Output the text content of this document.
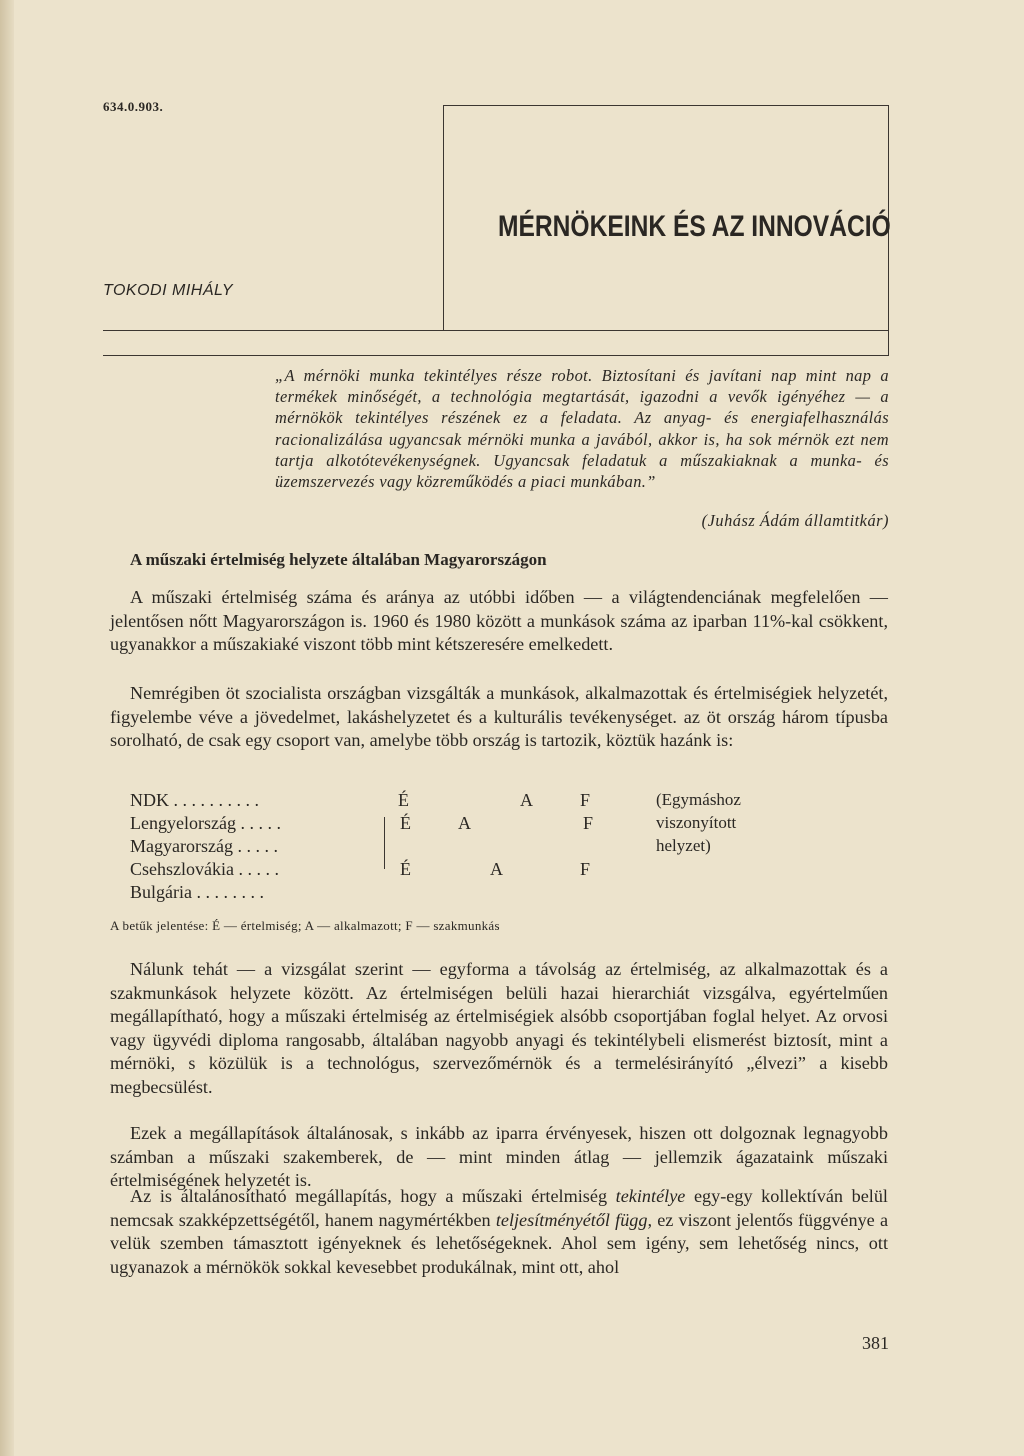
634.0.903.
MÉRNÖKEINK ÉS AZ INNOVÁCIÓ
TOKODI MIHÁLY
„A mérnöki munka tekintélyes része robot. Biztosítani és javítani nap mint nap a termékek minőségét, a technológia megtartását, igazodni a vevők igényéhez — a mérnökök tekintélyes részének ez a feladata. Az anyag- és energiafelhasználás racionalizálása ugyancsak mérnöki munka a javából, akkor is, ha sok mérnök ezt nem tartja alkotótevékenységnek. Ugyancsak feladatuk a műszakiaknak a munka- és üzemszervezés vagy közreműködés a piaci munkában.”
(Juhász Ádám államtitkár)
A műszaki értelmiség helyzete általában Magyarországon

A műszaki értelmiség száma és aránya az utóbbi időben — a világtendenciának megfelelően — jelentősen nőtt Magyarországon is. 1960 és 1980 között a munkások száma az iparban 11%-kal csökkent, ugyanakkor a műszakiaké viszont több mint kétszeresére emelkedett.

Nemrégiben öt szocialista országban vizsgálták a munkások, alkalmazottak és értelmiségiek helyzetét, figyelembe véve a jövedelmet, lakáshelyzetet és a kulturális tevékenységet. az öt ország három típusba sorolható, de csak egy csoport van, amelybe több ország is tartozik, köztük hazánk is:

NDK . . . . . . . . . .	É	A	F
Lengyelország . . . . .	É	A	F
Magyarország . . . . .
Csehszlovákia . . . . .	É	A	F
Bulgária . . . . . . . .
(Egymáshoz
viszonyított
helyzet)
A betűk jelentése: É — értelmiség; A — alkalmazott; F — szakmunkás

Nálunk tehát — a vizsgálat szerint — egyforma a távolság az értelmiség, az alkalmazottak és a szakmunkások helyzete között. Az értelmiségen belüli hazai hierarchiát vizsgálva, egyértelműen megállapítható, hogy a műszaki értelmiség az értelmiségiek alsóbb csoportjában foglal helyet. Az orvosi vagy ügyvédi diploma rangosabb, általában nagyobb anyagi és tekintélybeli elismerést biztosít, mint a mérnöki, s közülük is a technológus, szervezőmérnök és a termelésirányító „élvezi” a kisebb megbecsülést.

Ezek a megállapítások általánosak, s inkább az iparra érvényesek, hiszen ott dolgoznak legnagyobb számban a műszaki szakemberek, de — mint minden átlag — jellemzik ágazataink műszaki értelmiségének helyzetét is.

Az is általánosítható megállapítás, hogy a műszaki értelmiség tekintélye egy-egy kollektíván belül nemcsak szakképzettségétől, hanem nagymértékben teljesítményétől függ, ez viszont jelentős függvénye a velük szemben támasztott igényeknek és lehetőségeknek. Ahol sem igény, sem lehetőség nincs, ott ugyanazok a mérnökök sokkal kevesebbet produkálnak, mint ott, ahol

381
